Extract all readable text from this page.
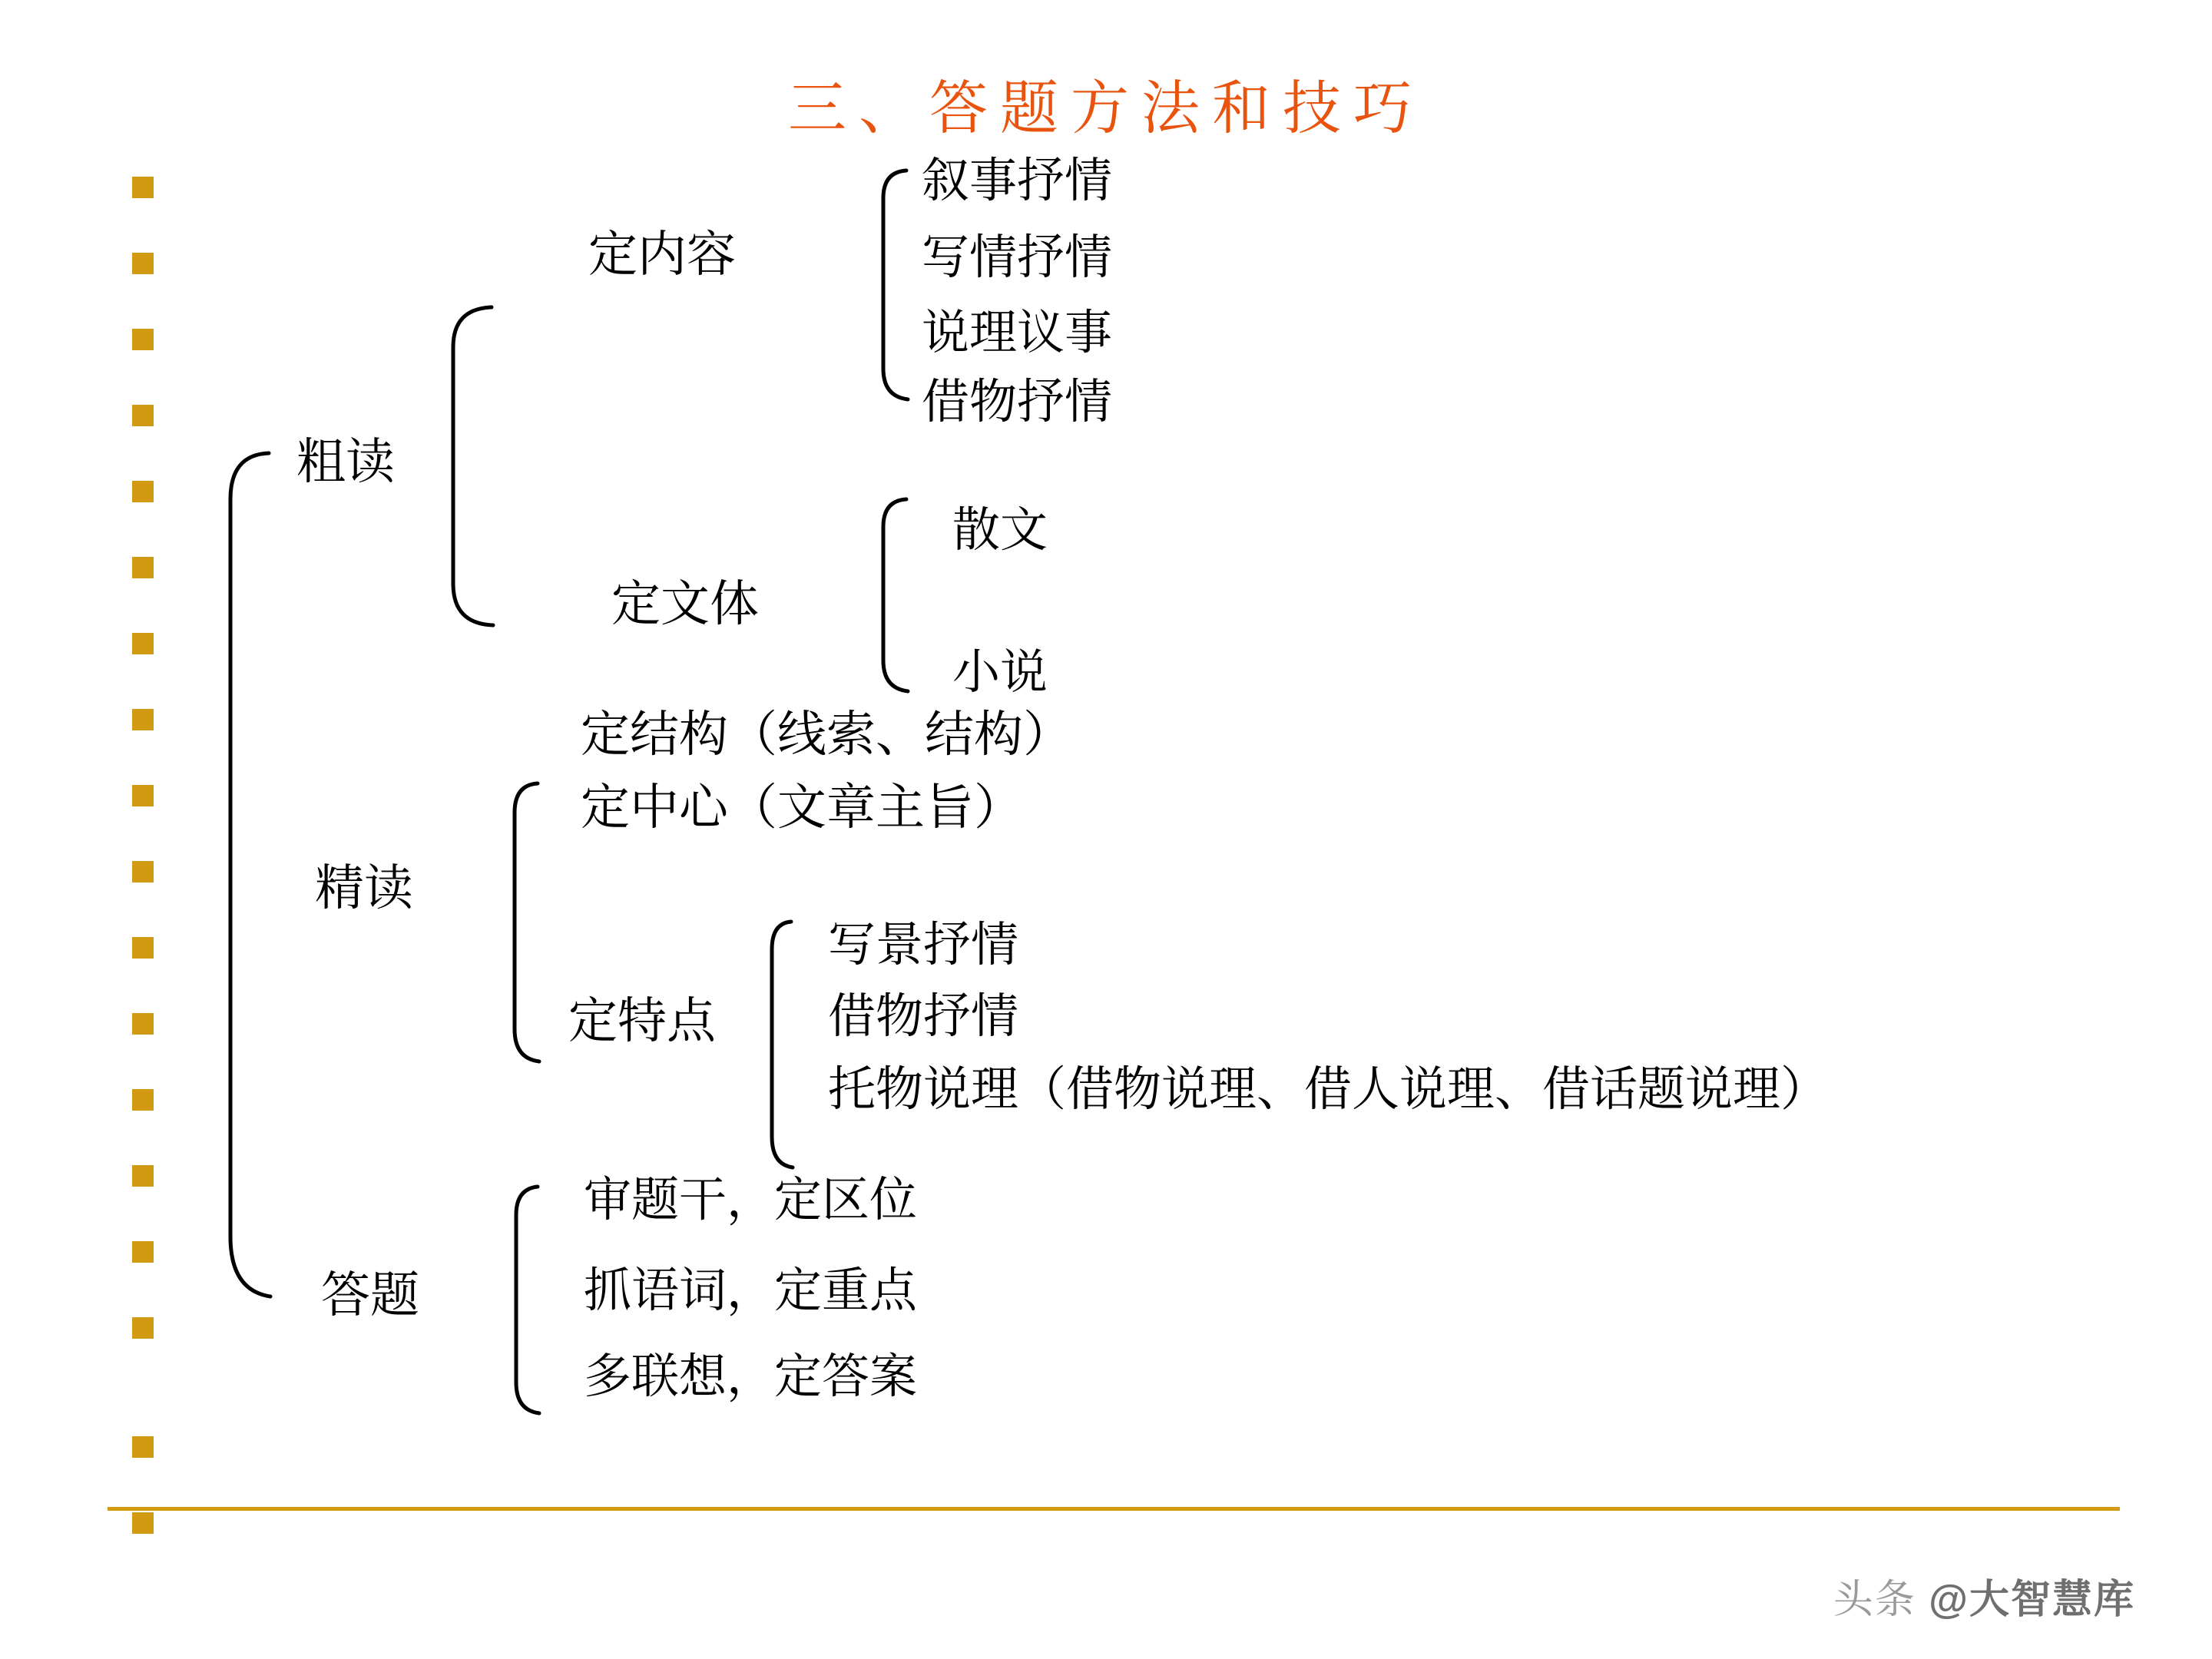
三、答题方法和技巧
粗读
精读
答题
定内容
定文体
定结构（线索、结构）
定中心（文章主旨）
定特点
叙事抒情
写情抒情
说理议事
借物抒情
散文
小说
写景抒情
借物抒情
托物说理（借物说理、借人说理、借话题说理）
审题干，定区位
抓语词，定重点
多联想，定答案
头条 @大智慧库
